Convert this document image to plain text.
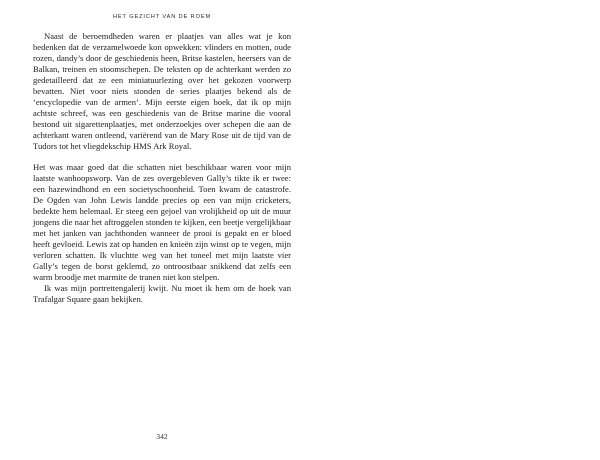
HET GEZICHT VAN DE ROEM

Naast de beroemdheden waren er plaatjes van alles wat je kon bedenken dat de verzamelwoede kon opwekken: vlinders en motten, oude rozen, dandy’s door de geschiedenis heen, Britse kastelen, heersers van de Balkan, treinen en stoomschepen. De teksten op de achterkant werden zo gedetailleerd dat ze een miniatuurlezing over het gekozen voorwerp bevatten. Niet voor niets stonden de series plaatjes bekend als de ‘encyclopedie van de armen’. Mijn eerste eigen boek, dat ik op mijn achtste schreef, was een geschiedenis van de Britse marine die vooral bestond uit sigarettenplaatjes, met onderzoekjes over schepen die aan de achterkant waren ontleend, variërend van de Mary Rose uit de tijd van de Tudors tot het vliegdekschip HMS Ark Royal.

Het was maar goed dat die schatten niet beschikbaar waren voor mijn laatste wanhoopsworp. Van de zes overgebleven Gally’s tikte ik er twee: een hazewindhond en een societyschoonheid. Toen kwam de catastrofe. De Ogden van John Lewis landde precies op een van mijn cricketers, bedekte hem helemaal. Er steeg een gejoel van vrolijkheid op uit de muur jongens die naar het aftroggelen stonden te kijken, een beetje vergelijkbaar met het janken van jachthonden wanneer de prooi is gepakt en er bloed heeft gevloeid. Lewis zat op handen en knieën zijn winst op te vegen, mijn verloren schatten. Ik vluchtte weg van het toneel met mijn laatste vier Gally’s tegen de borst geklemd, zo ontroostbaar snikkend dat zelfs een warm broodje met marmite de tranen niet kon stelpen.

Ik was mijn portrettengalerij kwijt. Nu moet ik hem om de hoek van Trafalgar Square gaan bekijken.

342
